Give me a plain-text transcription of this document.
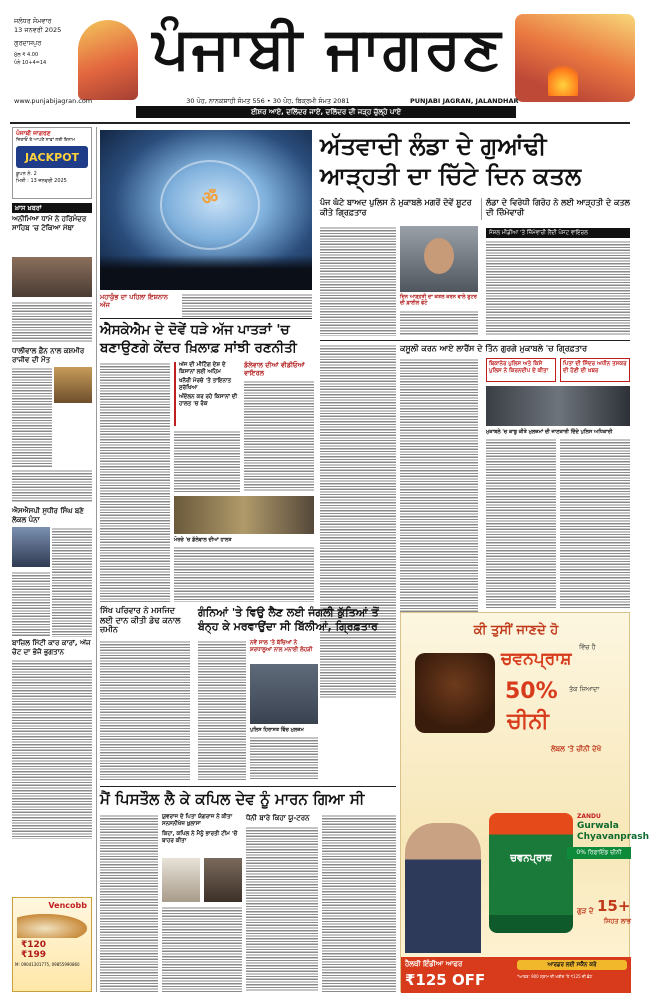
ਜਲੰਧਰ ਸੋਮਵਾਰ
13 ਜਨਵਰੀ 2025
ਗੁਰਦਾਸਪੁਰ
ਮੁੱਲ ₹ 4.00
ਪੰਨੇ 10+4=14	ਪੰਜਾਬੀ ਜਾਗਰਣ
www.punjabijagran.com	30 ਪੋਹ, ਨਾਨਕਸ਼ਾਹੀ ਸੰਮਤ 556 • 30 ਪੋਹ, ਬਿਕ੍ਰਮੀ ਸੰਮਤ 2081	PUNJABI JAGRAN, JALANDHAR
ਈਸ਼ਰ ਆਏ, ਦਲਿੱਦਰ ਜਾਏ, ਦਲਿੱਦਰ ਦੀ ਜੜ੍ਹ ਚੁੱਲ੍ਹੇ ਪਾਏ
ਪੰਜਾਬੀ ਜਾਗਰਣ
ਜਿਤਾਓਂ ਤੇ ਆਪਣੇ ਨਾਵਾਂ ਲਈ ਇਨਾਮ
JACKPOT
ਕੂਪਨ ਨੰ. 2
ਮਿਤੀ : 13 ਜਨਵਰੀ 2025
ਖ਼ਾਸ ਖ਼ਬਰਾਂ
ਅਨੀਮਿਆ ਧਾਮੇ ਨੇ ਹਰਿਮੰਦਰ ਸਾਹਿਬ 'ਚ ਟੇਕਿਆ ਮੱਥਾ
ਧਾਲੀਵਾਲ ਫ਼ੈਨ ਨਾਲ ਕਸ਼ਮੀਰ ਰਾਜੀਵ ਦੀ ਮੌਤ
ਐਸਐਸਪੀ ਸੁਧੀਰ ਸਿੰਘ ਬਣੇ ਲੋਕਲ ਪੰਨਾ
ਬਾਜ਼ਿਲ ਮਿੱਟੀ ਕਾਰ ਕਾਰਾਂ, ਅੱਜ ਚੋਟ ਦਾ ਭੇਜੋ ਭੁਗਤਾਨ
Vencobb
₹120
₹199
M: 09041301775, 09855990860
ॐ
ਮਹਾਕੁੰਭ ਦਾ ਪਹਿਲਾ ਇਸ਼ਨਾਨ ਅੱਜ
ਅੱਤਵਾਦੀ ਲੰਡਾ ਦੇ ਗੁਆਂਢੀ
ਆੜ੍ਹਤੀ ਦਾ ਚਿੱਟੇ ਦਿਨ ਕਤਲ
ਪੰਜ ਘੰਟੇ ਬਾਅਦ ਪੁਲਿਸ ਨੇ ਮੁਕਾਬਲੇ ਮਗਰੋਂ ਦੋਵੇਂ ਸ਼ੂਟਰ ਕੀਤੇ ਗ੍ਰਿਫ਼ਤਾਰ
ਲੰਡਾ ਦੇ ਵਿਰੋਧੀ ਗਿਰੋਹ ਨੇ ਲਈ ਆੜ੍ਹਤੀ ਦੇ ਕਤਲ ਦੀ ਜ਼ਿੰਮੇਵਾਰੀ
ਦਿਨ ਆੜ੍ਹਤੀ ਦਾ ਕਤਲ ਕਰਨ ਵਾਲੇ ਸ਼ੂਟਰ ਦੀ ਫ਼ਾਈਲ ਫੋਟੋ
ਸੋਸ਼ਲ ਮੀਡੀਆ 'ਤੇ ਜ਼ਿੰਮੇਵਾਰੀ ਲੈਂਦੀ ਪੋਸਟ ਵਾਇਰਲ
ਕਸੂਲੀ ਕਰਨ ਆਏ ਲਾਰੈਂਸ ਦੇ ਤਿੰਨ ਗੁਰਗੇ ਮੁਕਾਬਲੇ 'ਚ ਗ੍ਰਿਫ਼ਤਾਰ
ਬਿਕਾਨੇਰ ਪੁਲਿਸ ਅਤੇ ਕਿਸੇ ਪੁਲਿਸ ਨੇ ਕਿਰਨਦੀਪ ਦੇ ਕੀਤਾ
ਪਿਤਾ ਦੀ ਸਿੰਦਰ ਅਧੀਨ ਤਸਕਰ ਦੀ ਹੋਣੀ ਦੀ ਖ਼ਬਰ
ਮੁਕਾਬਲੇ 'ਚ ਕਾਬੂ ਕੀਤੇ ਮੁਲਜ਼ਮਾਂ ਦੀ ਜਾਣਕਾਰੀ ਦਿੰਦੇ ਪੁਲਿਸ ਅਧਿਕਾਰੀ
ਐਸਕੇਐਮ ਦੇ ਦੋਵੇਂ ਧੜੇ ਅੱਜ ਪਾਤੜਾਂ 'ਚ
ਬਣਾਉਣਗੇ ਕੇਂਦਰ ਖ਼ਿਲਾਫ਼ ਸਾਂਝੀ ਰਣਨੀਤੀ
ਅੱਜ ਦੀ ਮੀਟਿੰਗ ਦੇਸ਼ ਦੇ ਕਿਸਾਨਾਂ ਲਈ ਅਹਿਮ
ਖਨੌਰੀ ਮੋਰਚੇ 'ਤੇ ਤਾਇਨਾਤ ਸੁਰੱਖਿਆ
ਅੰਦੋਲਨ ਕਰ ਰਹੇ ਕਿਸਾਨਾਂ ਦੀ ਹਾਲਤ 'ਚ ਰੋਕ
ਡੱਲੇਵਾਲ ਦੀਆਂ ਵੀਡੀਓਆਂ ਵਾਇਰਲ
ਮੋਰਚੇ 'ਚ ਡੱਲੇਵਾਲ ਦੀਆਂ ਹਾਲਤ
ਸਿੱਖ ਪਰਿਵਾਰ ਨੇ ਮਸਜਿਦ ਲਈ ਦਾਨ ਕੀਤੀ ਡੇਢ ਕਨਾਲ ਜ਼ਮੀਨ
ਗੰਨਿਆਂ 'ਤੇ ਵਿਉ ਲੈਣ ਲਈ ਜੰਗਲੀ ਕੁੱਤਿਆਂ ਤੋਂ
ਬੰਨ੍ਹ ਕੇ ਮਰਵਾਉਂਦਾ ਸੀ ਬਿੱਲੀਆਂ, ਗ੍ਰਿਫ਼ਤਾਰ
ਨਵੇਂ ਸਾਲ 'ਤੇ ਬੱਚਿਆਂ ਨੇ ਸ਼ਰਧਾਲੂਆਂ ਨਾਲ ਮਨਾਈ ਲੋਹੜੀ
ਪੁਲਿਸ ਹਿਰਾਸਤ ਵਿੱਚ ਮੁਲਜ਼ਮ
ਕੀ ਤੁਸੀਂ ਜਾਣਦੇ ਹੋ
ਚਵਨਪ੍ਰਾਸ਼
ਵਿੱਚ ਹੈ
50%	ਤੱਕ ਜ਼ਿਆਦਾ
ਚੀਨੀ
ਲੇਬਲ 'ਤੇ ਚੀਨੀ ਦੇਖੋ
ਚਵਨਪ੍ਰਾਸ਼
ZANDU
Gurwala Chyavanprash
0% ਰਿਫਾਇੰਡ ਚੀਨੀ
ਗੁੜ ਦੇ 15+
ਸਿਹਤ ਲਾਭ
ਹੈਲਥੀ ਇੰਡੀਆ ਆਫਰ
₹125 OFF
ਆਰਡਰ ਲਈ ਸਕੈਨ ਕਰੋ
*ਆਫਰ: 900 ਗ੍ਰਾਮ ਦੀ ਖਰੀਦ 'ਤੇ ₹125 ਦੀ ਛੋਟ
ਮੈਂ ਪਿਸਤੌਲ ਲੈ ਕੇ ਕਪਿਲ ਦੇਵ ਨੂੰ ਮਾਰਨ ਗਿਆ ਸੀ
ਯੁਵਰਾਜ ਦੇ ਪਿਤਾ ਯੋਗਰਾਜ ਨੇ ਕੀਤਾ ਸਨਸਨੀਖੇਜ਼ ਖ਼ੁਲਾਸਾ
ਕਿਹਾ, ਕਪਿਲ ਨੇ ਮੈਨੂੰ ਭਾਰਤੀ ਟੀਮ 'ਚੋਂ ਬਾਹਰ ਕੀਤਾ
ਧੋਨੀ ਬਾਰੇ ਕਿਹਾ ਯੂ-ਟਰਨ
